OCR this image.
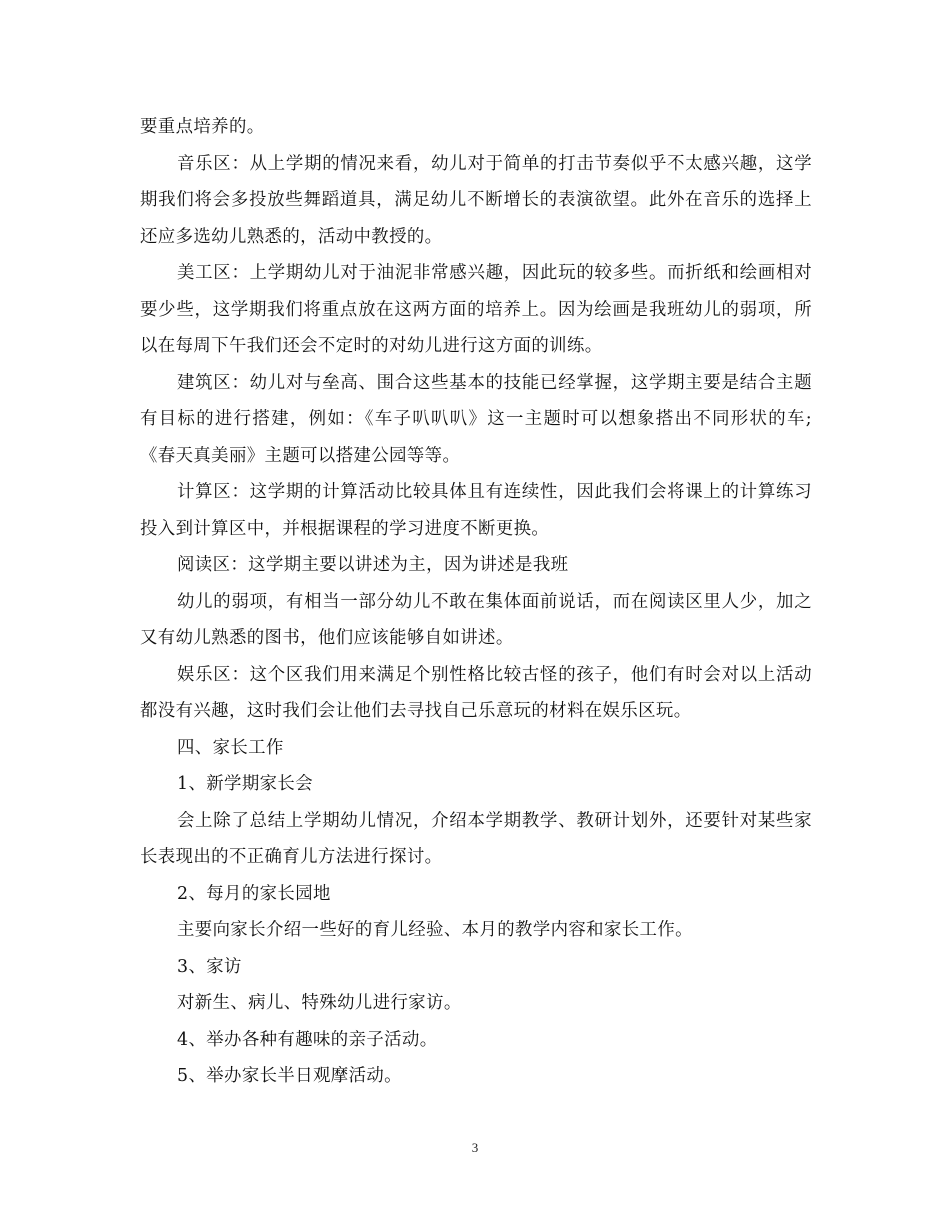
要重点培养的。

音乐区：从上学期的情况来看，幼儿对于简单的打击节奏似乎不太感兴趣，这学期我们将会多投放些舞蹈道具，满足幼儿不断增长的表演欲望。此外在音乐的选择上还应多选幼儿熟悉的，活动中教授的。

美工区：上学期幼儿对于油泥非常感兴趣，因此玩的较多些。而折纸和绘画相对要少些，这学期我们将重点放在这两方面的培养上。因为绘画是我班幼儿的弱项，所以在每周下午我们还会不定时的对幼儿进行这方面的训练。

建筑区：幼儿对与垒高、围合这些基本的技能已经掌握，这学期主要是结合主题有目标的进行搭建，例如：《车子叭叭叭》这一主题时可以想象搭出不同形状的车;《春天真美丽》主题可以搭建公园等等。

计算区：这学期的计算活动比较具体且有连续性，因此我们会将课上的计算练习投入到计算区中，并根据课程的学习进度不断更换。

阅读区：这学期主要以讲述为主，因为讲述是我班

幼儿的弱项，有相当一部分幼儿不敢在集体面前说话，而在阅读区里人少，加之又有幼儿熟悉的图书，他们应该能够自如讲述。

娱乐区：这个区我们用来满足个别性格比较古怪的孩子，他们有时会对以上活动都没有兴趣，这时我们会让他们去寻找自己乐意玩的材料在娱乐区玩。

四、家长工作

1、新学期家长会

会上除了总结上学期幼儿情况，介绍本学期教学、教研计划外，还要针对某些家长表现出的不正确育儿方法进行探讨。

2、每月的家长园地

主要向家长介绍一些好的育儿经验、本月的教学内容和家长工作。

3、家访

对新生、病儿、特殊幼儿进行家访。

4、举办各种有趣味的亲子活动。

5、举办家长半日观摩活动。

3
